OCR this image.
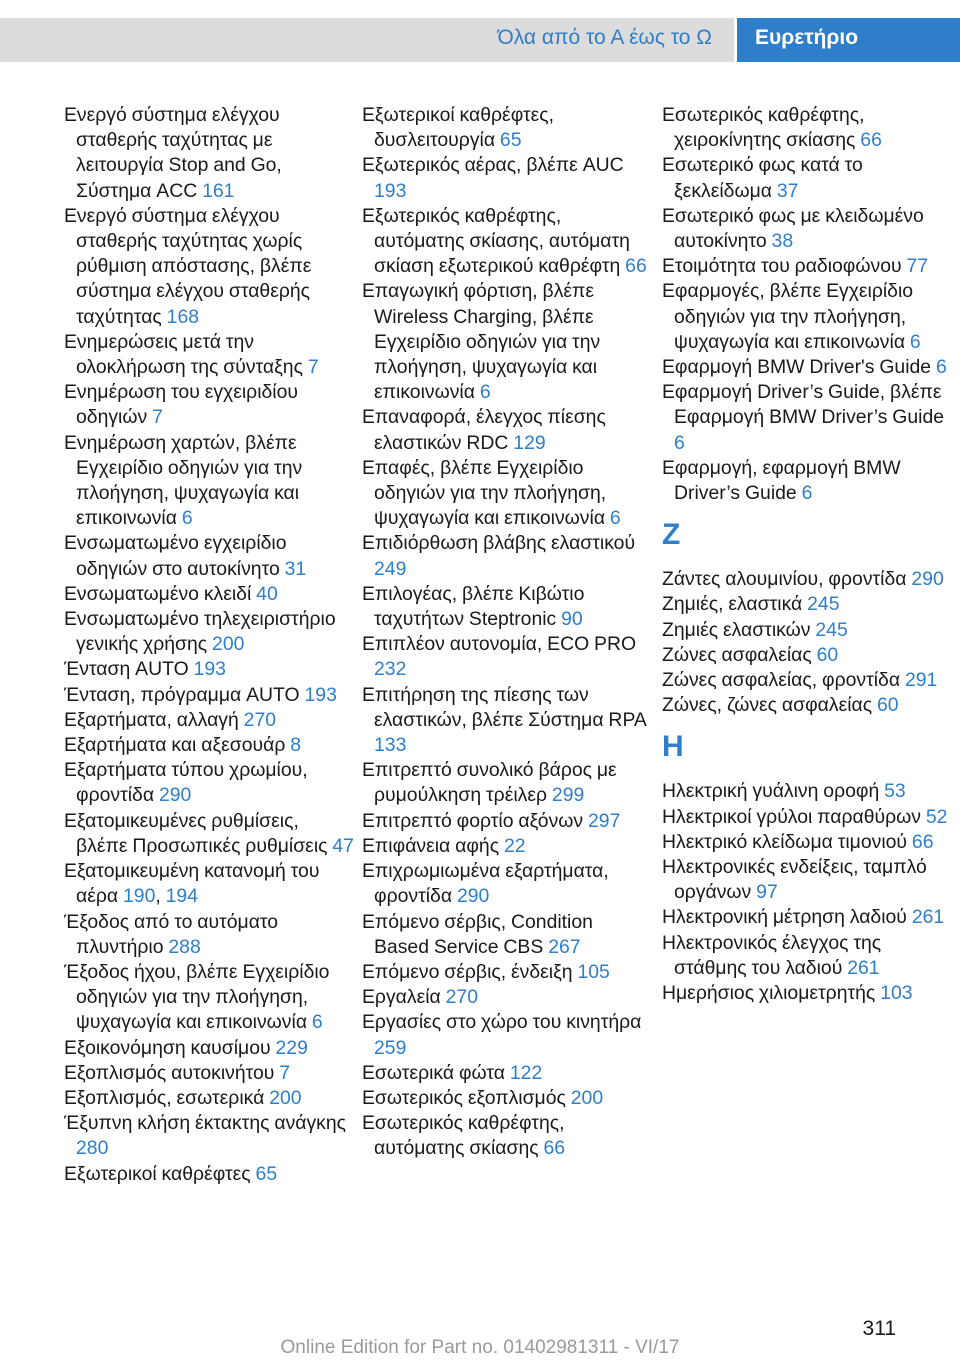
Όλα από το Α έως το Ω Ευρετήριο
Ενεργό σύστημα ελέγχου σταθερής ταχύτητας με λειτουργία Stop and Go, Σύστημα ACC 161
Ενεργό σύστημα ελέγχου σταθερής ταχύτητας χωρίς ρύθμιση απόστασης, βλέπε σύστημα ελέγχου σταθερής ταχύτητας 168
Ενημερώσεις μετά την ολοκλήρωση της σύνταξης 7
Ενημέρωση του εγχειριδίου οδηγιών 7
Ενημέρωση χαρτών, βλέπε Εγχειρίδιο οδηγιών για την πλοήγηση, ψυχαγωγία και επικοινωνία 6
Ενσωματωμένο εγχειρίδιο οδηγιών στο αυτοκίνητο 31
Ενσωματωμένο κλειδί 40
Ενσωματωμένο τηλεχειριστήριο γενικής χρήσης 200
Ένταση AUTO 193
Ένταση, πρόγραμμα AUTO 193
Εξαρτήματα, αλλαγή 270
Εξαρτήματα και αξεσουάρ 8
Εξαρτήματα τύπου χρωμίου, φροντίδα 290
Εξατομικευμένες ρυθμίσεις, βλέπε Προσωπικές ρυθμίσεις 47
Εξατομικευμένη κατανομή του αέρα 190, 194
Έξοδος από το αυτόματο πλυντήριο 288
Έξοδος ήχου, βλέπε Εγχειρίδιο οδηγιών για την πλοήγηση, ψυχαγωγία και επικοινωνία 6
Εξοικονόμηση καυσίμου 229
Εξοπλισμός αυτοκινήτου 7
Εξοπλισμός, εσωτερικά 200
Έξυπνη κλήση έκτακτης ανάγκης 280
Εξωτερικοί καθρέφτες 65
Εξωτερικοί καθρέφτες, δυσλειτουργία 65
Εξωτερικός αέρας, βλέπε AUC 193
Εξωτερικός καθρέφτης, αυτόματης σκίασης, αυτόματη σκίαση εξωτερικού καθρέφτη 66
Επαγωγική φόρτιση, βλέπε Wireless Charging, βλέπε Εγχειρίδιο οδηγιών για την πλοήγηση, ψυχαγωγία και επικοινωνία 6
Επαναφορά, έλεγχος πίεσης ελαστικών RDC 129
Επαφές, βλέπε Εγχειρίδιο οδηγιών για την πλοήγηση, ψυχαγωγία και επικοινωνία 6
Επιδιόρθωση βλάβης ελαστικού 249
Επιλογέας, βλέπε Κιβώτιο ταχυτήτων Steptronic 90
Επιπλέον αυτονομία, ECO PRO 232
Επιτήρηση της πίεσης των ελαστικών, βλέπε Σύστημα RPA 133
Επιτρεπτό συνολικό βάρος με ρυμούλκηση τρέιλερ 299
Επιτρεπτό φορτίο αξόνων 297
Επιφάνεια αφής 22
Επιχρωμιωμένα εξαρτήματα, φροντίδα 290
Επόμενο σέρβις, Condition Based Service CBS 267
Επόμενο σέρβις, ένδειξη 105
Εργαλεία 270
Εργασίες στο χώρο του κινητήρα 259
Εσωτερικά φώτα 122
Εσωτερικός εξοπλισμός 200
Εσωτερικός καθρέφτης, αυτόματης σκίασης 66
Εσωτερικός καθρέφτης, χειροκίνητης σκίασης 66
Εσωτερικό φως κατά το ξεκλείδωμα 37
Εσωτερικό φως με κλειδωμένο αυτοκίνητο 38
Ετοιμότητα του ραδιοφώνου 77
Εφαρμογές, βλέπε Εγχειρίδιο οδηγιών για την πλοήγηση, ψυχαγωγία και επικοινωνία 6
Εφαρμογή BMW Driver's Guide 6
Εφαρμογή Driver’s Guide, βλέπε Εφαρμογή BMW Driver’s Guide 6
Εφαρμογή, εφαρμογή BMW Driver’s Guide 6
Ζ
Ζάντες αλουμινίου, φροντίδα 290
Ζημιές, ελαστικά 245
Ζημιές ελαστικών 245
Ζώνες ασφαλείας 60
Ζώνες ασφαλείας, φροντίδα 291
Ζώνες, ζώνες ασφαλείας 60
Η
Ηλεκτρική γυάλινη οροφή 53
Ηλεκτρικοί γρύλοι παραθύρων 52
Ηλεκτρικό κλείδωμα τιμονιού 66
Ηλεκτρονικές ενδείξεις, ταμπλό οργάνων 97
Ηλεκτρονική μέτρηση λαδιού 261
Ηλεκτρονικός έλεγχος της στάθμης του λαδιού 261
Ημερήσιος χιλιομετρητής 103
311
Online Edition for Part no. 01402981311 - VI/17
